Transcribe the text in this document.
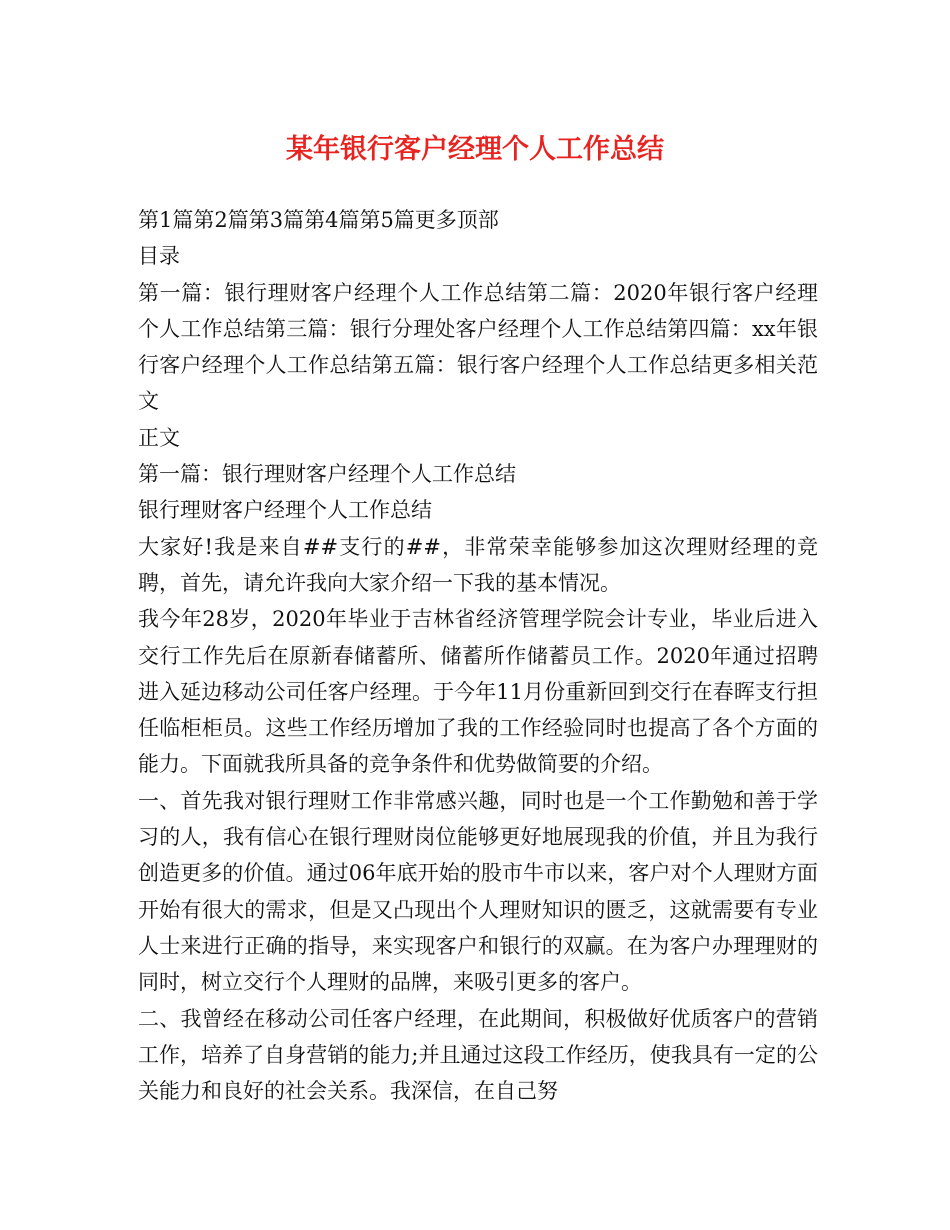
某年银行客户经理个人工作总结

第1篇第2篇第3篇第4篇第5篇更多顶部

目录

第一篇：银行理财客户经理个人工作总结第二篇：2020年银行客户经理个人工作总结第三篇：银行分理处客户经理个人工作总结第四篇：xx年银行客户经理个人工作总结第五篇：银行客户经理个人工作总结更多相关范文

正文

第一篇：银行理财客户经理个人工作总结

银行理财客户经理个人工作总结

大家好!我是来自##支行的##，非常荣幸能够参加这次理财经理的竞聘，首先，请允许我向大家介绍一下我的基本情况。

我今年28岁，2020年毕业于吉林省经济管理学院会计专业，毕业后进入交行工作先后在原新春储蓄所、储蓄所作储蓄员工作。2020年通过招聘进入延边移动公司任客户经理。于今年11月份重新回到交行在春晖支行担任临柜柜员。这些工作经历增加了我的工作经验同时也提高了各个方面的能力。下面就我所具备的竞争条件和优势做简要的介绍。

一、首先我对银行理财工作非常感兴趣，同时也是一个工作勤勉和善于学习的人，我有信心在银行理财岗位能够更好地展现我的价值，并且为我行创造更多的价值。通过06年底开始的股市牛市以来，客户对个人理财方面开始有很大的需求，但是又凸现出个人理财知识的匮乏，这就需要有专业人士来进行正确的指导，来实现客户和银行的双赢。在为客户办理理财的同时，树立交行个人理财的品牌，来吸引更多的客户。

二、我曾经在移动公司任客户经理，在此期间，积极做好优质客户的营销工作，培养了自身营销的能力;并且通过这段工作经历，使我具有一定的公关能力和良好的社会关系。我深信，在自己努
